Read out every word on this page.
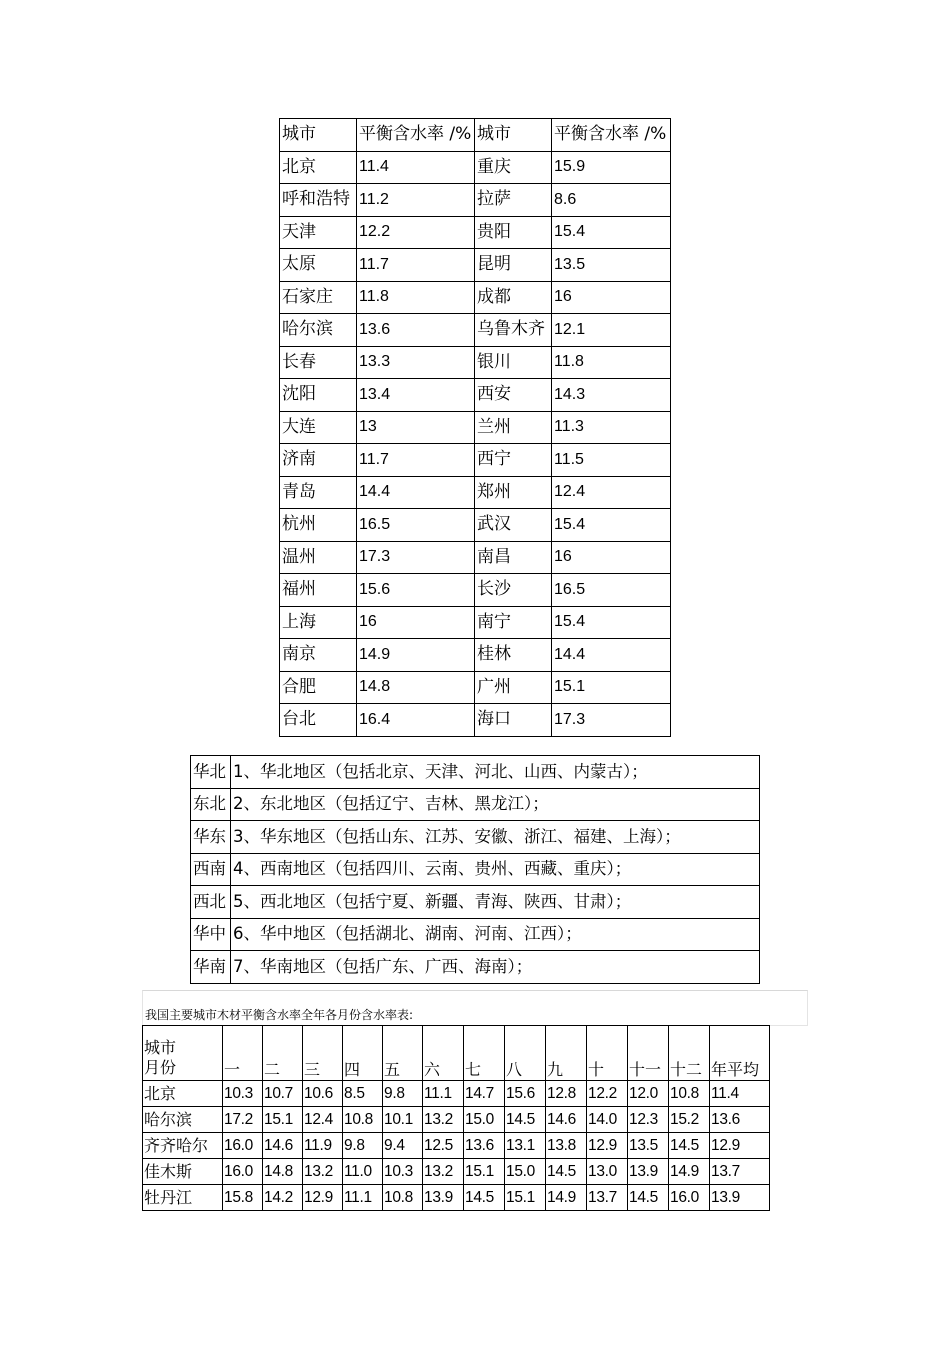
城市	平衡含水率 /%	城市	平衡含水率 /%
北京	11.4	重庆	15.9
呼和浩特	11.2	拉萨	8.6
天津	12.2	贵阳	15.4
太原	11.7	昆明	13.5
石家庄	11.8	成都	16
哈尔滨	13.6	乌鲁木齐	12.1
长春	13.3	银川	11.8
沈阳	13.4	西安	14.3
大连	13	兰州	11.3
济南	11.7	西宁	11.5
青岛	14.4	郑州	12.4
杭州	16.5	武汉	15.4
温州	17.3	南昌	16
福州	15.6	长沙	16.5
上海	16	南宁	15.4
南京	14.9	桂林	14.4
合肥	14.8	广州	15.1
台北	16.4	海口	17.3
华北	1、华北地区（包括北京、天津、河北、山西、内蒙古）；
东北	2、东北地区（包括辽宁、吉林、黑龙江）；
华东	3、华东地区（包括山东、江苏、安徽、浙江、福建、上海）；
西南	4、西南地区（包括四川、云南、贵州、西藏、重庆）；
西北	5、西北地区（包括宁夏、新疆、青海、陕西、甘肃）；
华中	6、华中地区（包括湖北、湖南、河南、江西）；
华南	7、华南地区（包括广东、广西、海南）；
我国主要城市木材平衡含水率全年各月份含水率表:
城市
月份	一	二	三	四	五	六	七	八	九	十	十一	十二	年平均
北京	10.3	10.7	10.6	8.5	9.8	11.1	14.7	15.6	12.8	12.2	12.0	10.8	11.4
哈尔滨	17.2	15.1	12.4	10.8	10.1	13.2	15.0	14.5	14.6	14.0	12.3	15.2	13.6
齐齐哈尔	16.0	14.6	11.9	9.8	9.4	12.5	13.6	13.1	13.8	12.9	13.5	14.5	12.9
佳木斯	16.0	14.8	13.2	11.0	10.3	13.2	15.1	15.0	14.5	13.0	13.9	14.9	13.7
牡丹江	15.8	14.2	12.9	11.1	10.8	13.9	14.5	15.1	14.9	13.7	14.5	16.0	13.9
